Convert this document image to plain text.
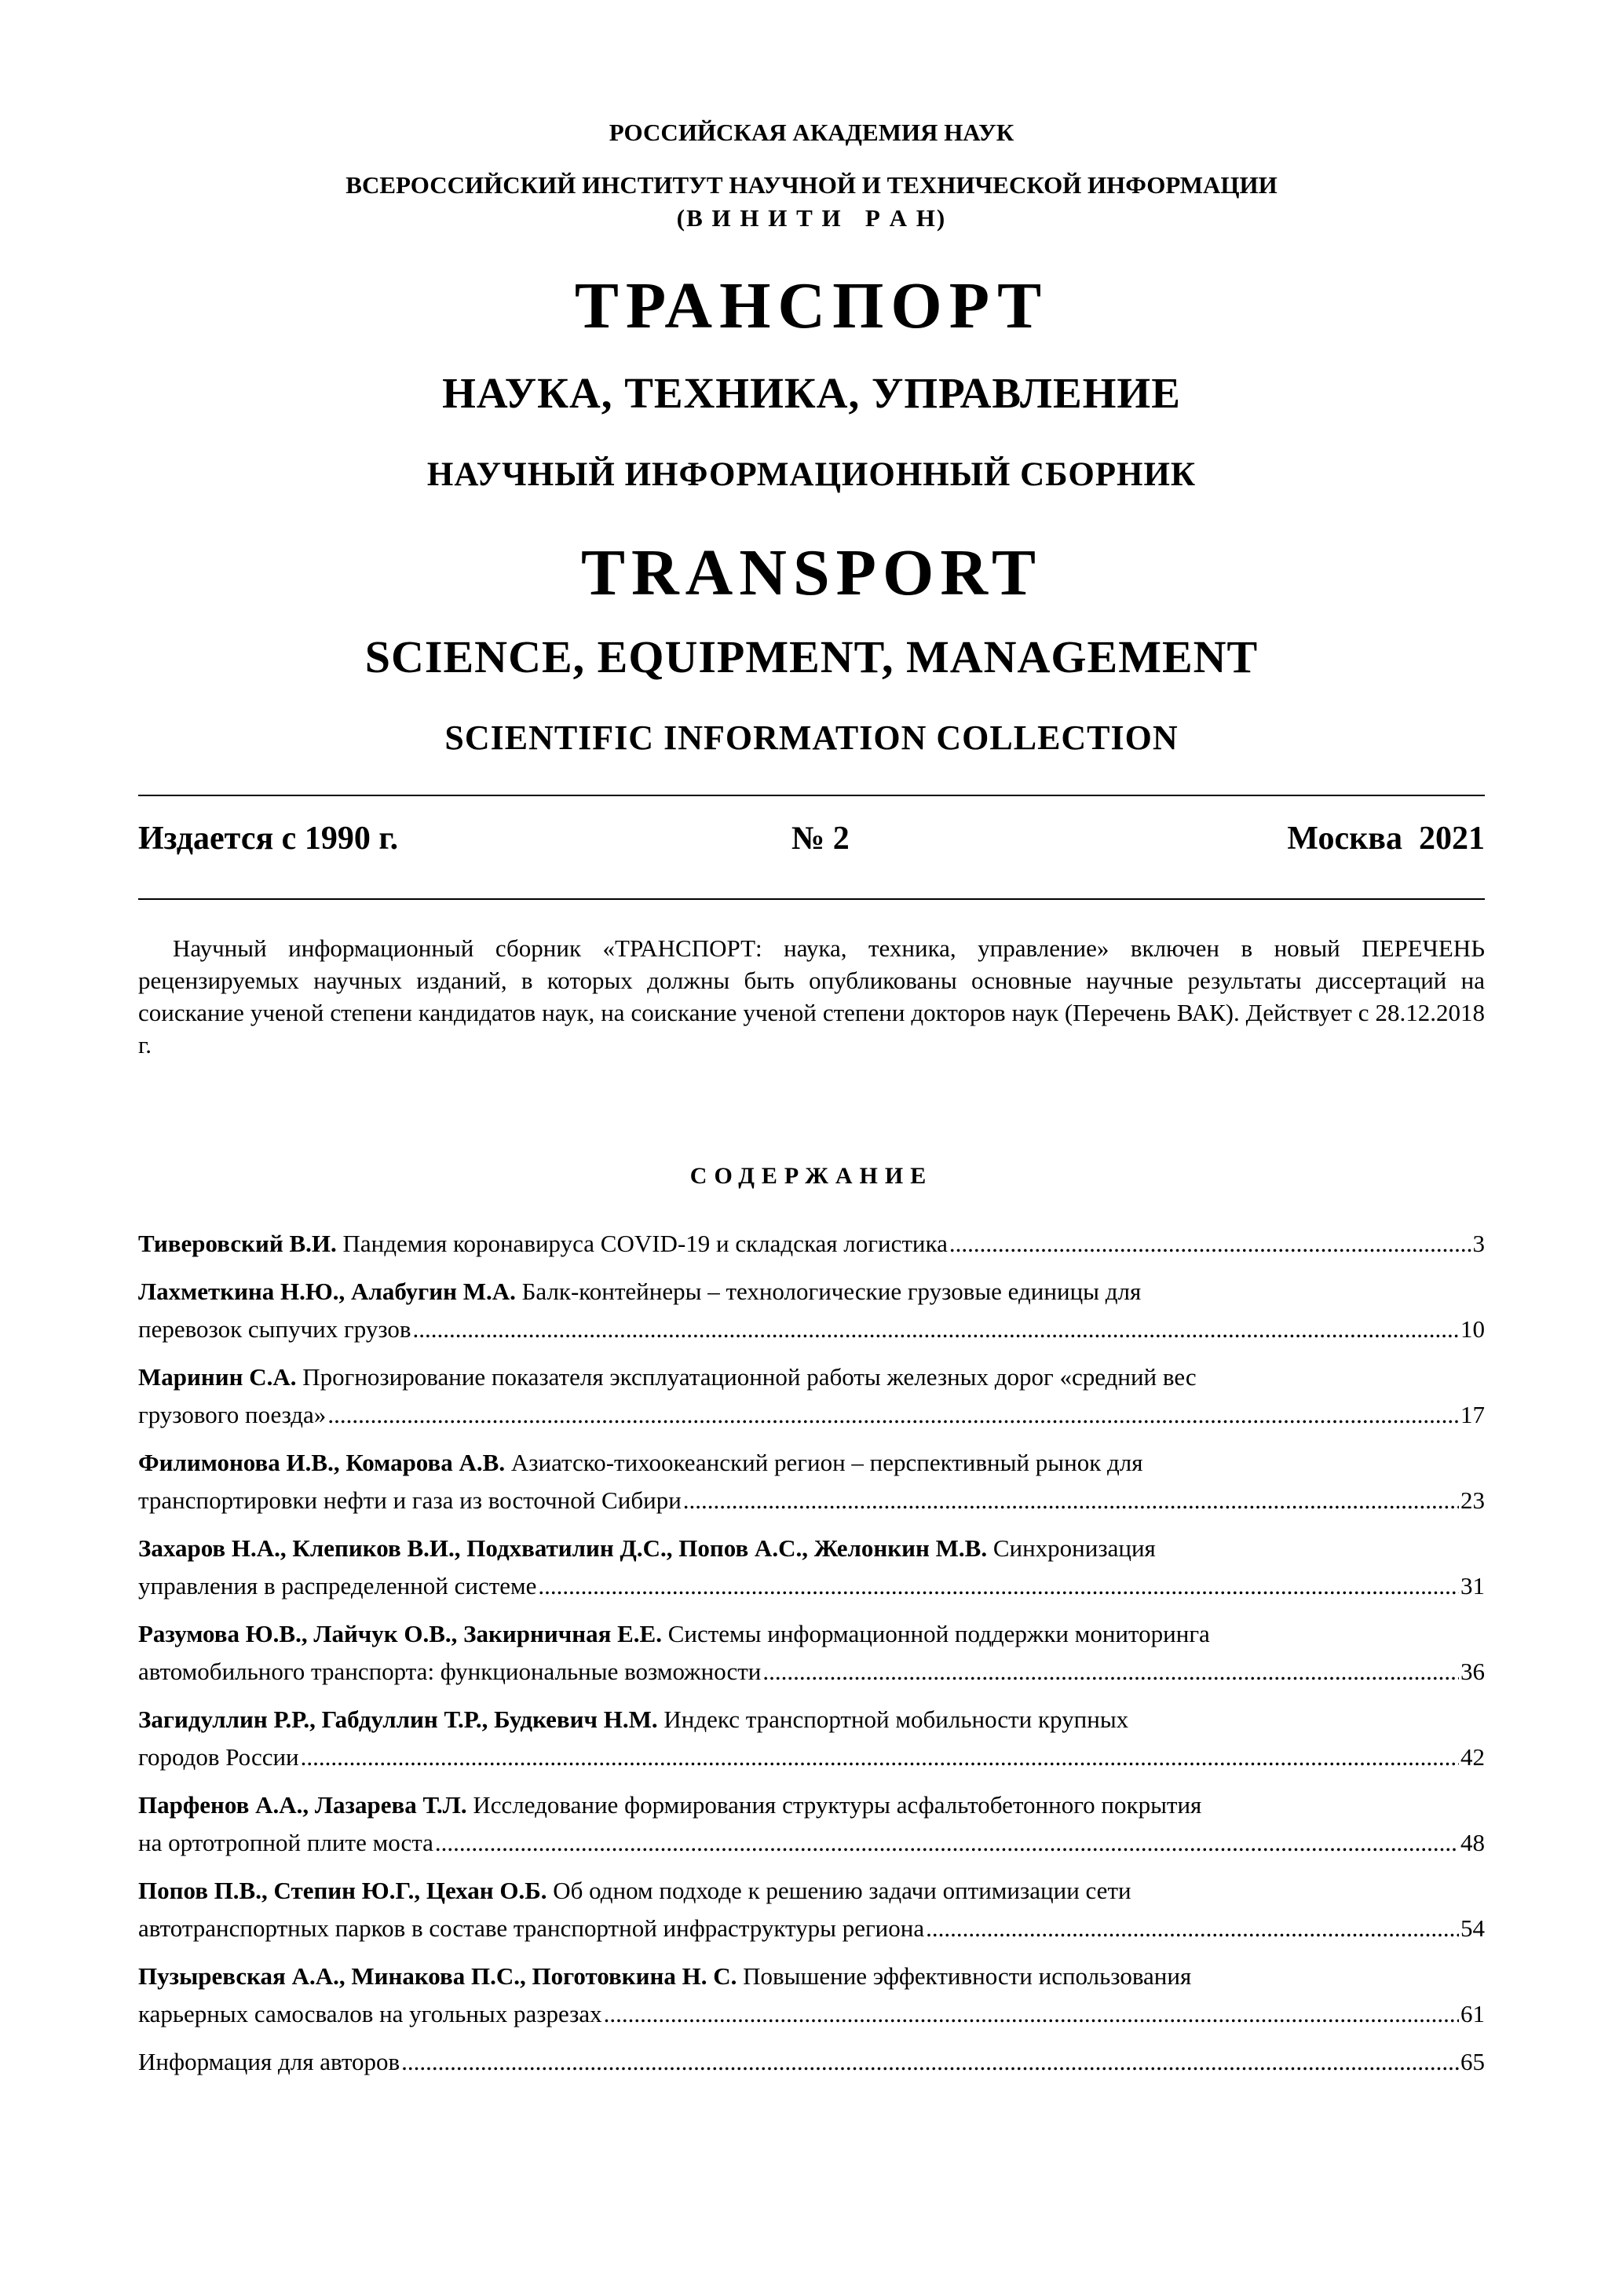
РОССИЙСКАЯ АКАДЕМИЯ НАУК
ВСЕРОССИЙСКИЙ ИНСТИТУТ НАУЧНОЙ И ТЕХНИЧЕСКОЙ ИНФОРМАЦИИ
(В И Н И Т И   Р А Н)
ТРАНСПОРТ
НАУКА, ТЕХНИКА, УПРАВЛЕНИЕ
НАУЧНЫЙ ИНФОРМАЦИОННЫЙ СБОРНИК
TRANSPORT
SCIENCE, EQUIPMENT, MANAGEMENT
SCIENTIFIC INFORMATION COLLECTION
Издается с 1990 г.	№ 2	Москва  2021
Научный информационный сборник «ТРАНСПОРТ: наука, техника, управление» включен в новый ПЕРЕЧЕНЬ рецензируемых научных изданий, в которых должны быть опубликованы основные научные результаты диссертаций на соискание ученой степени кандидатов наук, на соискание ученой степени докторов наук (Перечень ВАК). Действует с 28.12.2018 г.
СОДЕРЖАНИЕ
Тиверовский В.И. Пандемия коронавируса COVID-19 и складская логистика .....	3
Лахметкина Н.Ю., Алабугин М.А. Балк-контейнеры – технологические грузовые единицы для
перевозок сыпучих грузов .....	10
Маринин С.А. Прогнозирование показателя эксплуатационной работы железных дорог «средний вес
грузового поезда» .....	17
Филимонова И.В., Комарова А.В. Азиатско-тихоокеанский регион – перспективный рынок для
транспортировки нефти и газа из восточной Сибири .....	23
Захаров Н.А., Клепиков В.И., Подхватилин Д.С., Попов А.С., Желонкин М.В. Синхронизация
управления в распределенной системе .....	31
Разумова Ю.В., Лайчук О.В., Закирничная Е.Е. Системы информационной поддержки мониторинга
автомобильного транспорта: функциональные возможности .....	36
Загидуллин Р.Р., Габдуллин Т.Р., Будкевич Н.М. Индекс транспортной мобильности крупных
городов России .....	42
Парфенов А.А., Лазарева Т.Л. Исследование формирования структуры асфальтобетонного покрытия
на ортотропной плите моста .....	48
Попов П.В., Степин Ю.Г., Цехан О.Б. Об одном подходе к решению задачи оптимизации сети
автотранспортных парков в составе транспортной инфраструктуры региона .....	54
Пузыревская А.А., Минакова П.С., Поготовкина Н. С. Повышение эффективности использования
карьерных самосвалов на угольных разрезах .....	61
Информация для авторов .....	65
